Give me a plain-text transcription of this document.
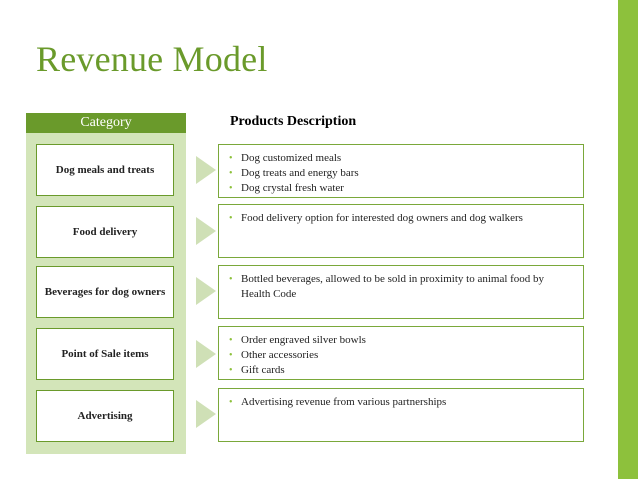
Revenue Model
Category	Products Description
Dog meals and treats
• Dog customized meals
• Dog treats and energy bars
• Dog crystal fresh water
Food delivery
• Food delivery option for interested dog owners and dog walkers
Beverages for dog owners
• Bottled beverages, allowed to be sold in proximity to animal food by Health Code
Point of Sale items
• Order engraved silver bowls
• Other accessories
• Gift cards
Advertising
• Advertising revenue from various partnerships
